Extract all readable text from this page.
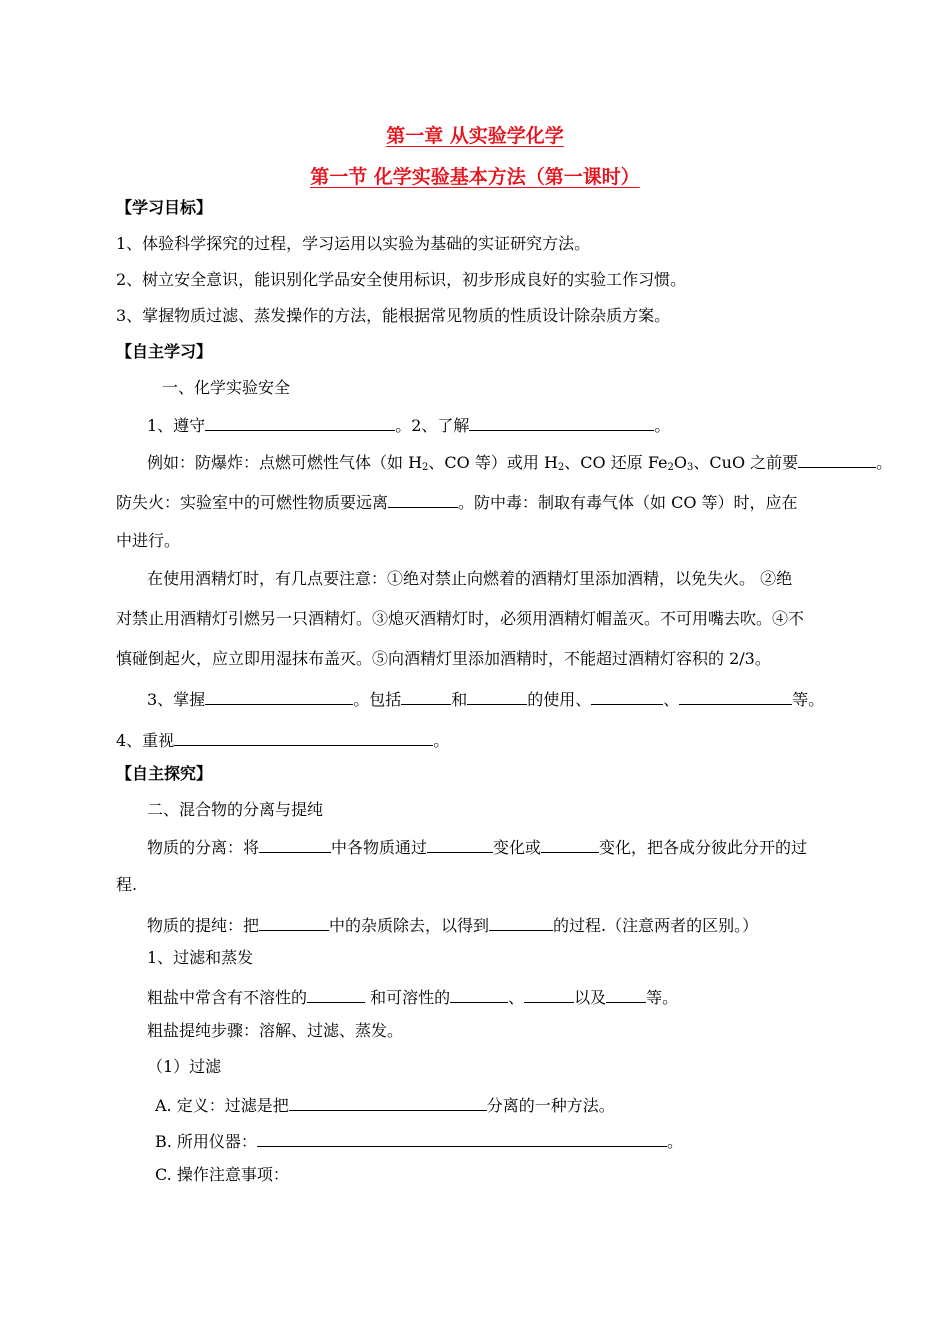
第一章 从实验学化学
第一节 化学实验基本方法（第一课时）
【学习目标】
1、体验科学探究的过程，学习运用以实验为基础的实证研究方法。
2、树立安全意识，能识别化学品安全使用标识，初步形成良好的实验工作习惯。
3、掌握物质过滤、蒸发操作的方法，能根据常见物质的性质设计除杂质方案。
【自主学习】
一、化学实验安全
1、遵守	。2、了解	。
例如：防爆炸：点燃可燃性气体（如 $H_2$、CO 等）或用 $H_2$、CO 还原 $Fe_2O_3$、CuO 之前要	。
防失火：实验室中的可燃性物质要远离	。防中毒：制取有毒气体（如 CO 等）时，应在
中进行。
在使用酒精灯时，有几点要注意：①绝对禁止向燃着的酒精灯里添加酒精，以免失火。 ②绝
对禁止用酒精灯引燃另一只酒精灯。③熄灭酒精灯时，必须用酒精灯帽盖灭。不可用嘴去吹。④不
慎碰倒起火，应立即用湿抹布盖灭。⑤向酒精灯里添加酒精时，不能超过酒精灯容积的 2/3。
3、掌握	。包括	和	的使用、	、	等。
4、重视	。
【自主探究】
二、混合物的分离与提纯
物质的分离：将	中各物质通过	变化或	变化，把各成分彼此分开的过
程.
物质的提纯：把	中的杂质除去，以得到	的过程.（注意两者的区别。）
1、过滤和蒸发
粗盐中常含有不溶性的	和可溶性的	、	以及	等。
粗盐提纯步骤：溶解、过滤、蒸发。
（1）过滤
A. 定义：过滤是把	分离的一种方法。
B. 所用仪器：	。
C. 操作注意事项：
